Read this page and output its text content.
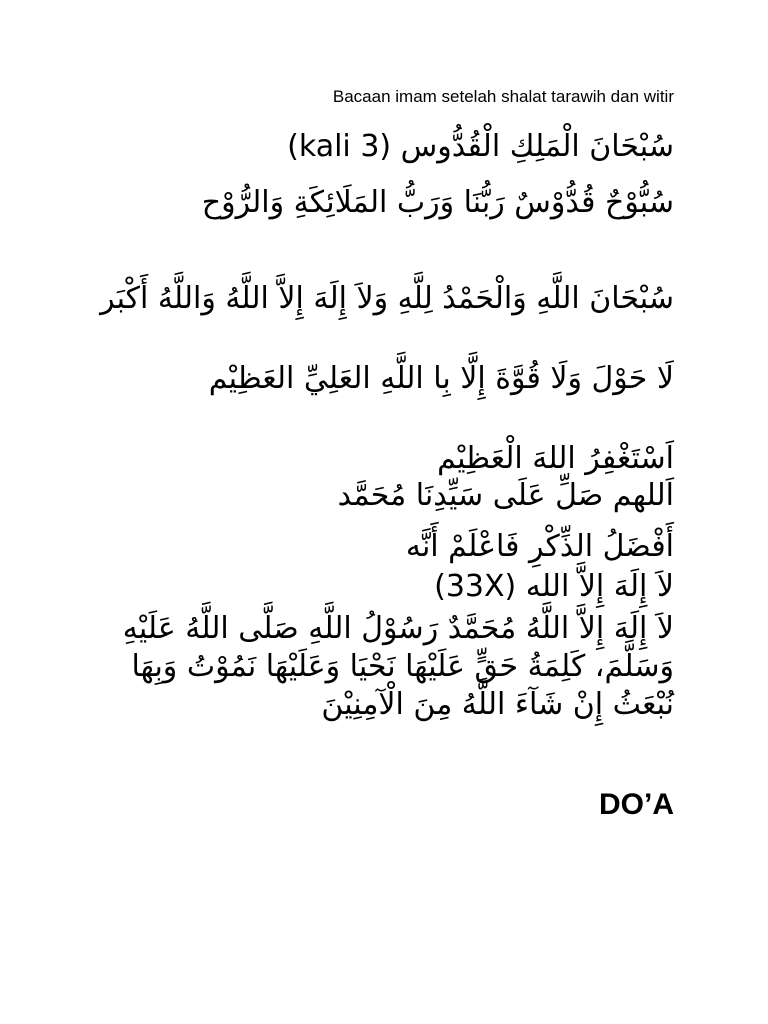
Bacaan imam setelah shalat tarawih dan witir
سُبْحَانَ الْمَلِكِ الْقُدُّوس (3 kali)
سُبُّوْحٌ قُدُّوْسٌ رَبُّنَا وَرَبُّ المَلَائِكَةِ وَالرُّوْح
سُبْحَانَ اللَّهِ وَالْحَمْدُ لِلَّهِ وَلاَ إِلَهَ إِلاَّ اللَّهُ وَاللَّهُ أَكْبَر
لَا حَوْلَ وَلَا قُوَّةَ إِلَّا بِا اللَّهِ العَلِيِّ العَظِيْم
اَسْتَغْفِرُ اللهَ الْعَظِيْم
اَللهم صَلِّ عَلَى سَيِّدِنَا مُحَمَّد
أَفْضَلُ الذِّكْرِ فَاعْلَمْ أَنَّه
لاَ إِلَهَ إِلاَّ الله (33X)
لاَ إِلَهَ إِلاَّ اللَّهُ مُحَمَّدٌ رَسُوْلُ اللَّهِ صَلَّى اللَّهُ عَلَيْهِ وَسَلَّمَ، كَلِمَةُ حَقٍّ عَلَيْهَا نَحْيَا وَعَلَيْهَا نَمُوْتُ وَبِهَا نُبْعَثُ إِنْ شَآءَ اللَّهُ مِنَ الْآمِنِيْنَ
DO’A
